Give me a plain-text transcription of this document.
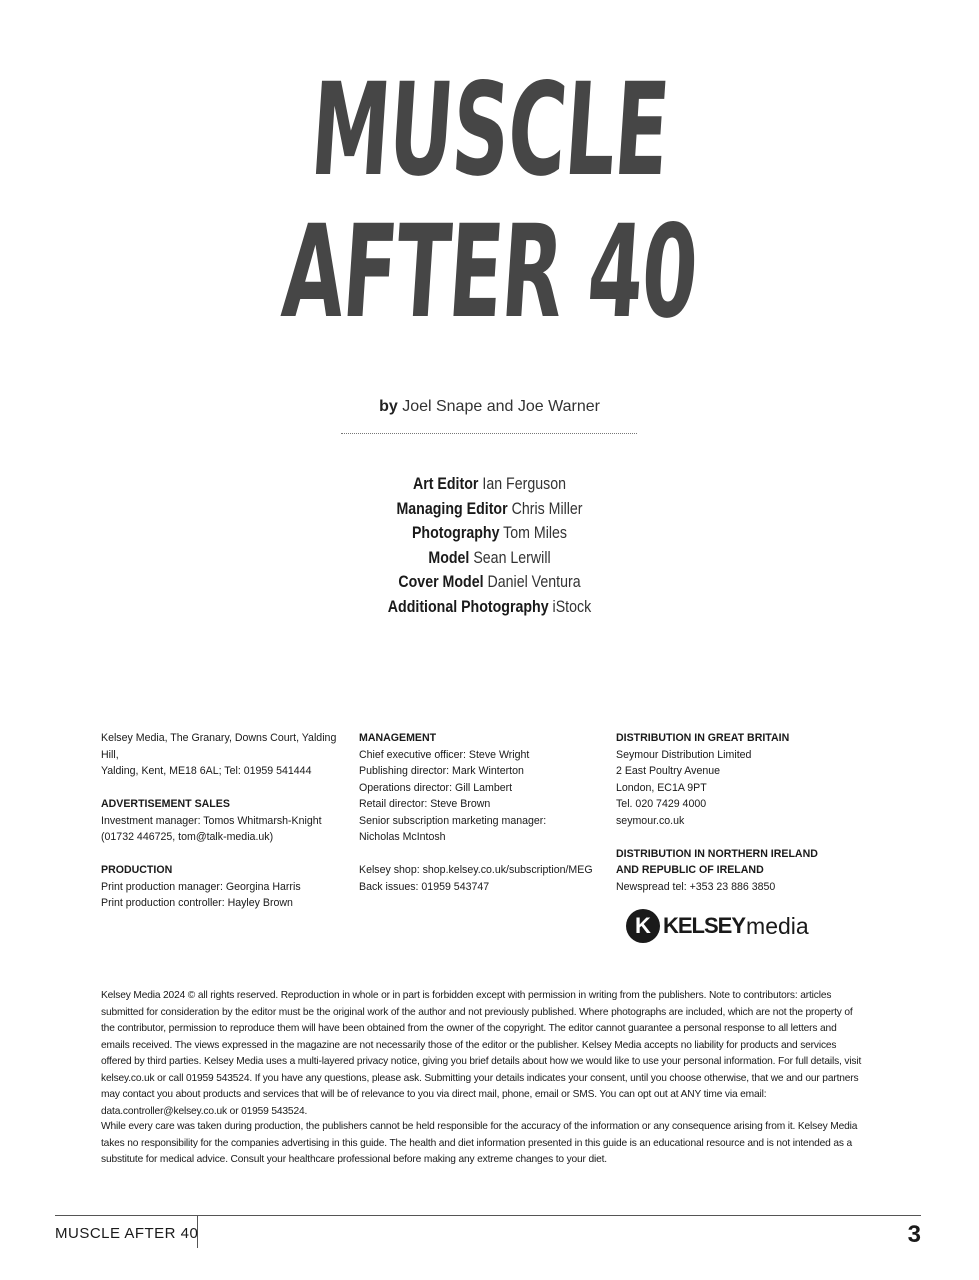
MUSCLE
AFTER 40
by Joel Snape and Joe Warner
Art Editor Ian Ferguson
Managing Editor Chris Miller
Photography Tom Miles
Model Sean Lerwill
Cover Model Daniel Ventura
Additional Photography iStock
Kelsey Media, The Granary, Downs Court, Yalding Hill,
Yalding, Kent, ME18 6AL; Tel: 01959 541444
ADVERTISEMENT SALES
Investment manager: Tomos Whitmarsh-Knight
(01732 446725, tom@talk-media.uk)
PRODUCTION
Print production manager: Georgina Harris
Print production controller: Hayley Brown
MANAGEMENT
Chief executive officer: Steve Wright
Publishing director: Mark Winterton
Operations director: Gill Lambert
Retail director: Steve Brown
Senior subscription marketing manager:
Nicholas McIntosh
Kelsey shop: shop.kelsey.co.uk/subscription/MEG
Back issues: 01959 543747
DISTRIBUTION IN GREAT BRITAIN
Seymour Distribution Limited
2 East Poultry Avenue
London, EC1A 9PT
Tel. 020 7429 4000
seymour.co.uk
DISTRIBUTION IN NORTHERN IRELAND
AND REPUBLIC OF IRELAND
Newspread tel: +353 23 886 3850
K KELSEY media
Kelsey Media 2024 © all rights reserved. Reproduction in whole or in part is forbidden except with permission in writing from the publishers. Note to contributors: articles submitted for consideration by the editor must be the original work of the author and not previously published. Where photographs are included, which are not the property of the contributor, permission to reproduce them will have been obtained from the owner of the copyright. The editor cannot guarantee a personal response to all letters and emails received. The views expressed in the magazine are not necessarily those of the editor or the publisher. Kelsey Media accepts no liability for products and services offered by third parties. Kelsey Media uses a multi-layered privacy notice, giving you brief details about how we would like to use your personal information. For full details, visit kelsey.co.uk or call 01959 543524. If you have any questions, please ask. Submitting your details indicates your consent, until you choose otherwise, that we and our partners may contact you about products and services that will be of relevance to you via direct mail, phone, email or SMS. You can opt out at ANY time via email: data.controller@kelsey.co.uk or 01959 543524.
While every care was taken during production, the publishers cannot be held responsible for the accuracy of the information or any consequence arising from it. Kelsey Media takes no responsibility for the companies advertising in this guide. The health and diet information presented in this guide is an educational resource and is not intended as a substitute for medical advice. Consult your healthcare professional before making any extreme changes to your diet.
MUSCLE AFTER 40	3
